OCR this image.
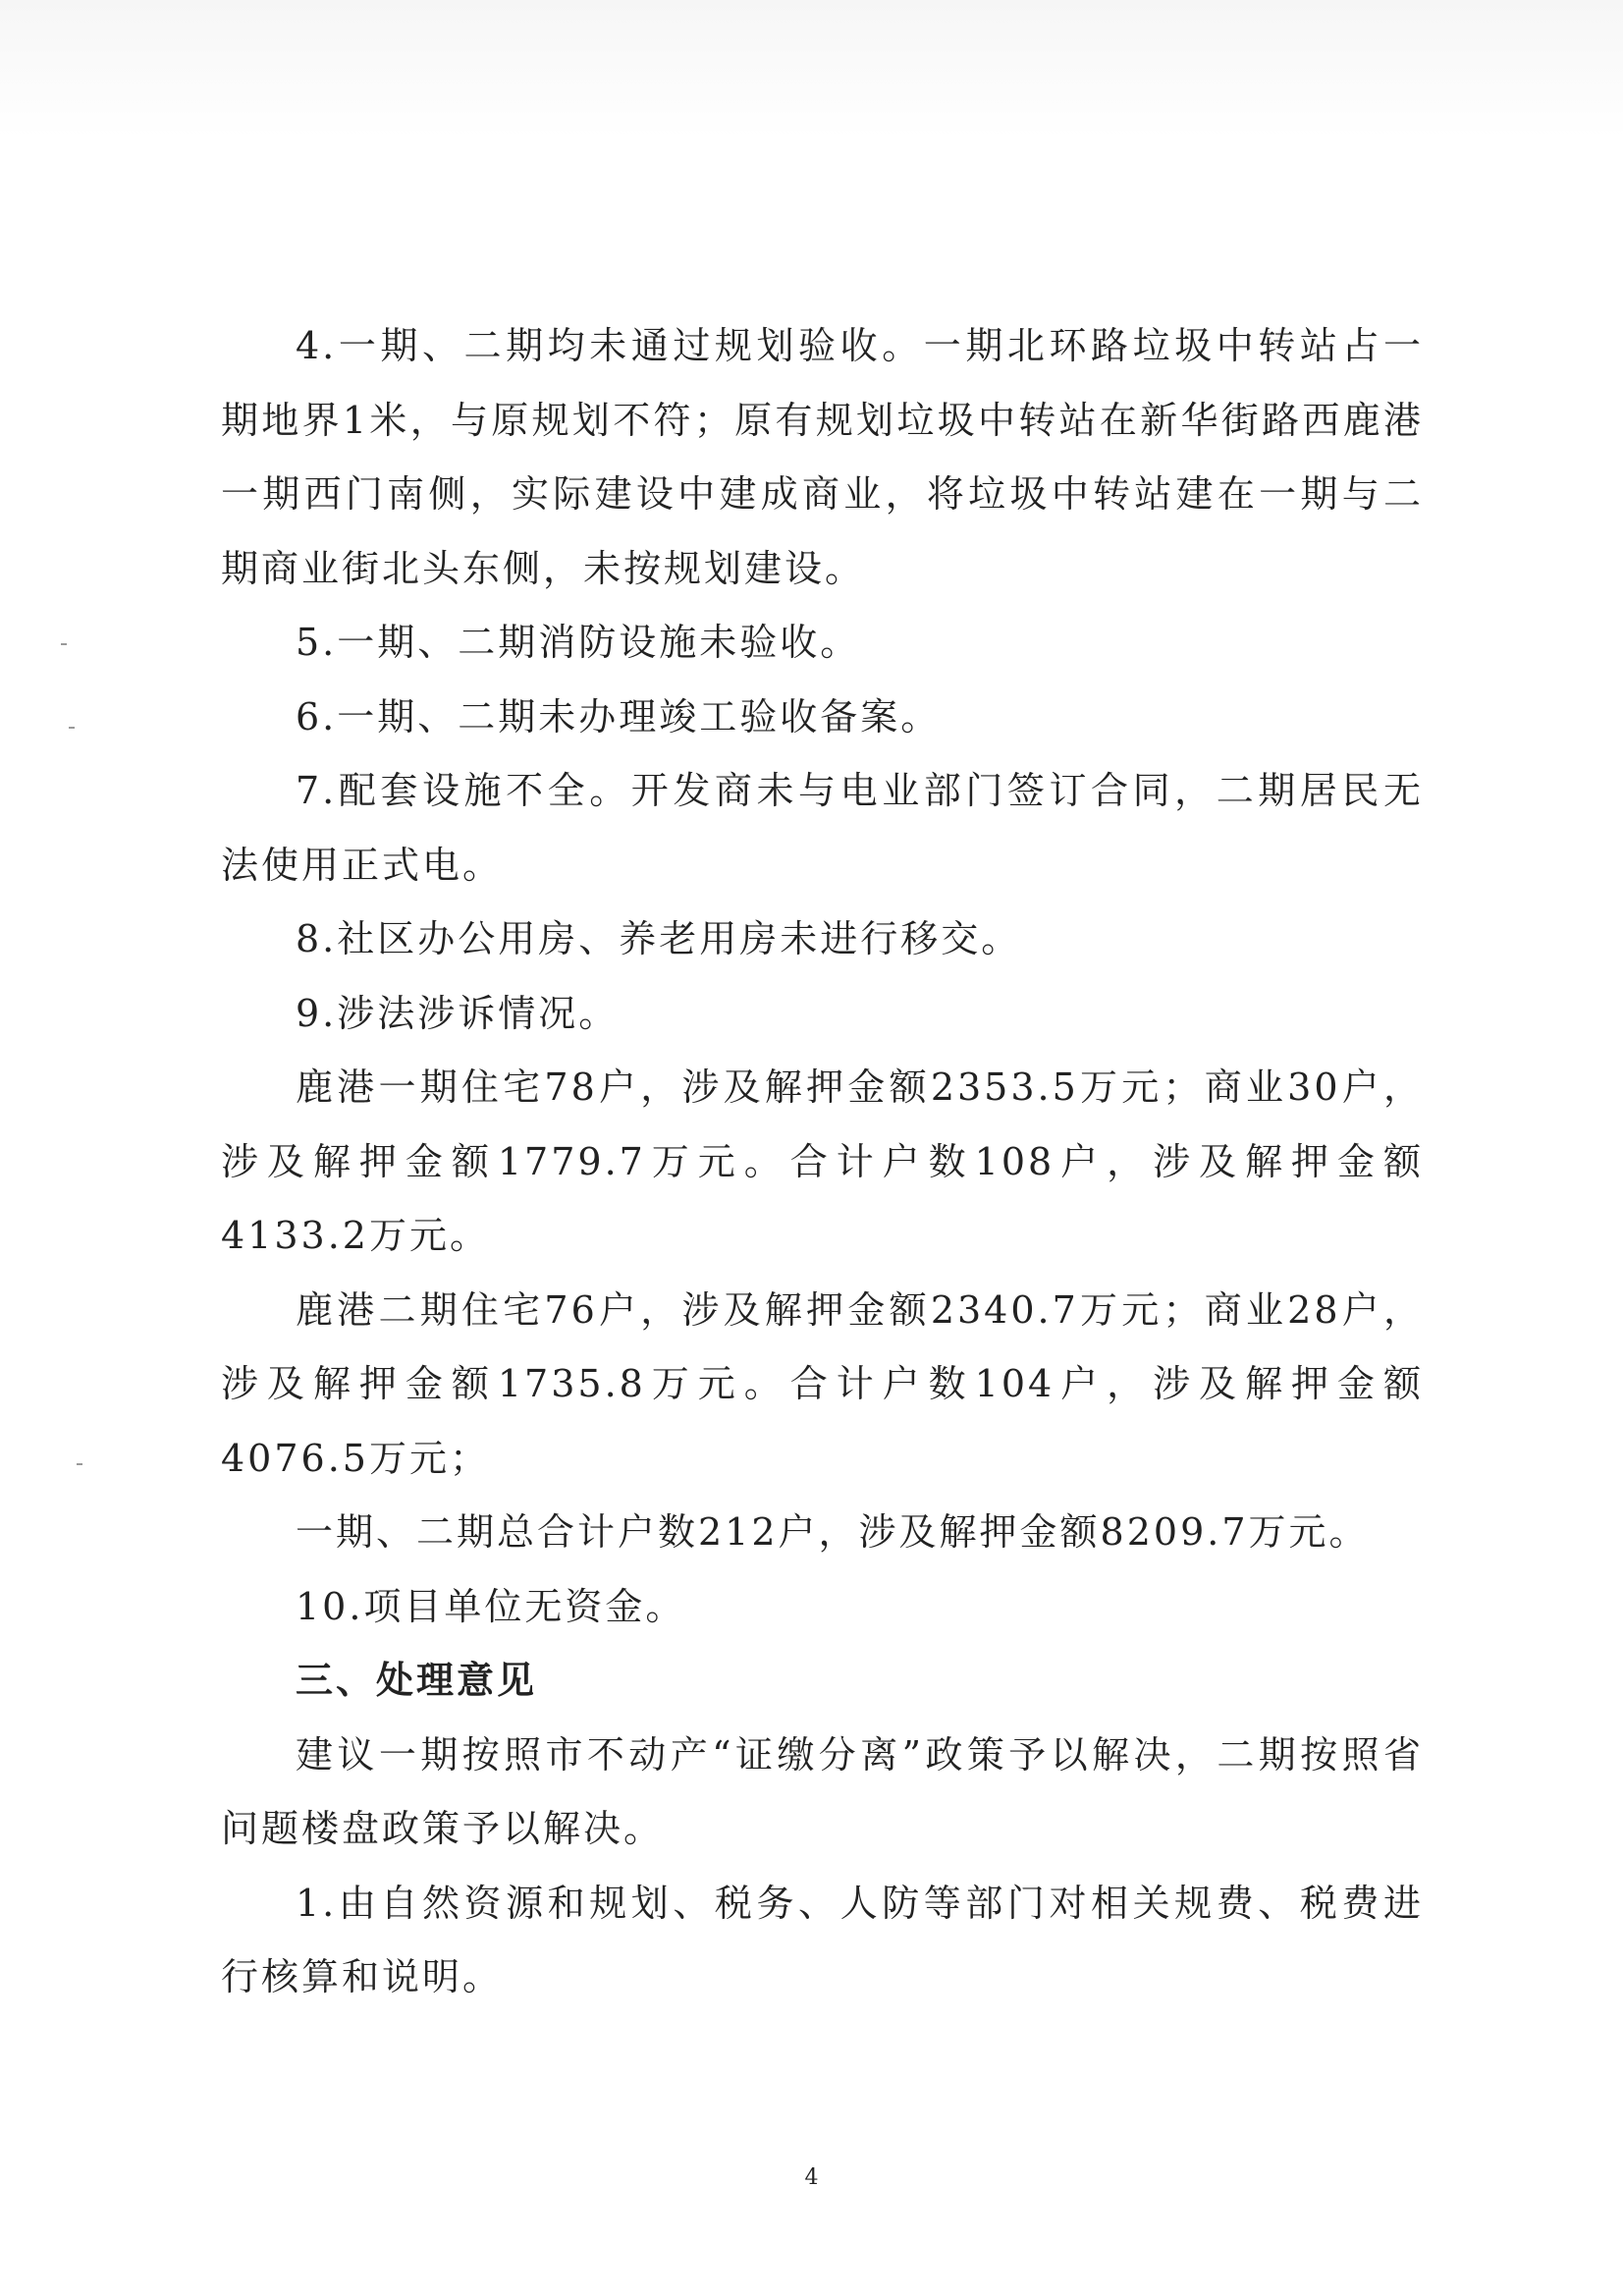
4.一期、二期均未通过规划验收。一期北环路垃圾中转站占一期地界1米，与原规划不符；原有规划垃圾中转站在新华街路西鹿港一期西门南侧，实际建设中建成商业，将垃圾中转站建在一期与二期商业街北头东侧，未按规划建设。

5.一期、二期消防设施未验收。

6.一期、二期未办理竣工验收备案。

7.配套设施不全。开发商未与电业部门签订合同，二期居民无法使用正式电。

8.社区办公用房、养老用房未进行移交。

9.涉法涉诉情况。

鹿港一期住宅78户，涉及解押金额2353.5万元；商业30户，涉及解押金额1779.7万元。合计户数108户，涉及解押金额4133.2万元。

鹿港二期住宅76户，涉及解押金额2340.7万元；商业28户，涉及解押金额1735.8万元。合计户数104户，涉及解押金额4076.5万元；

一期、二期总合计户数212户，涉及解押金额8209.7万元。

10.项目单位无资金。

三、处理意见

建议一期按照市不动产“证缴分离”政策予以解决，二期按照省问题楼盘政策予以解决。

1.由自然资源和规划、税务、人防等部门对相关规费、税费进行核算和说明。

4
